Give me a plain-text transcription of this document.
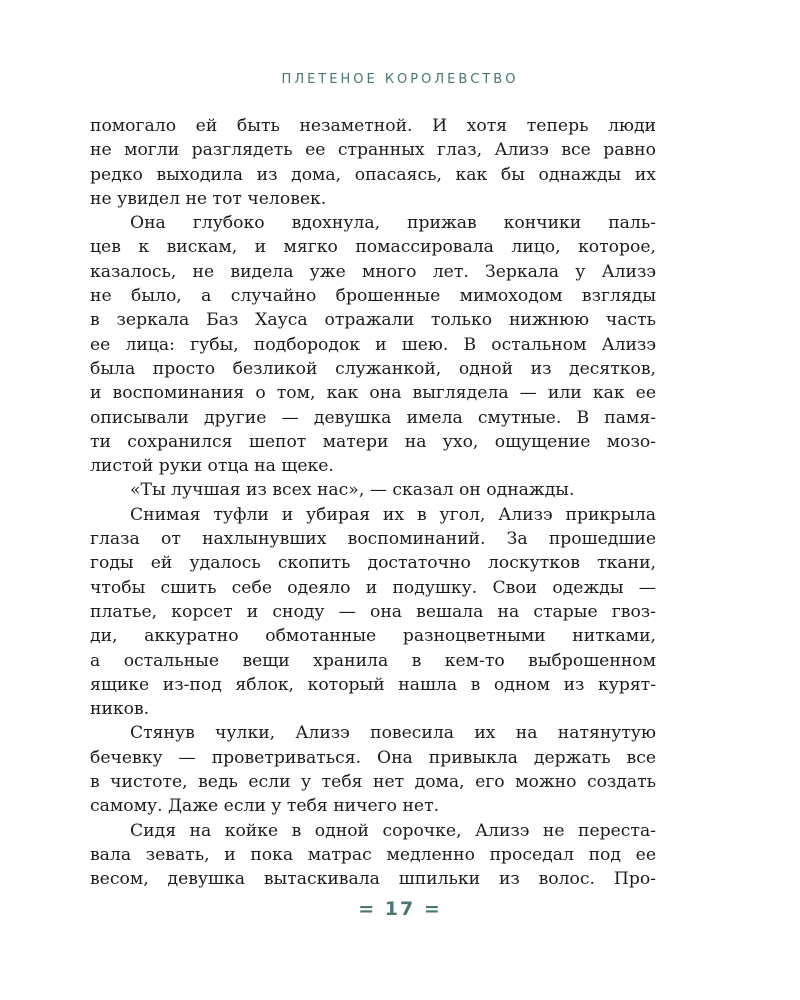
ПЛЕТЕНОЕ КОРОЛЕВСТВО
помогало ей быть незаметной. И хотя теперь люди
не могли разглядеть ее странных глаз, Ализэ все равно
редко выходила из дома, опасаясь, как бы однажды их
не увидел не тот человек.
Она глубоко вдохнула, прижав кончики паль-
цев к вискам, и мягко помассировала лицо, которое,
казалось, не видела уже много лет. Зеркала у Ализэ
не было, а случайно брошенные мимоходом взгляды
в зеркала Баз Хауса отражали только нижнюю часть
ее лица: губы, подбородок и шею. В остальном Ализэ
была просто безликой служанкой, одной из десятков,
и воспоминания о том, как она выглядела — или как ее
описывали другие — девушка имела смутные. В памя-
ти сохранился шепот матери на ухо, ощущение мозо-
листой руки отца на щеке.
«Ты лучшая из всех нас», — сказал он однажды.
Снимая туфли и убирая их в угол, Ализэ прикрыла
глаза от нахлынувших воспоминаний. За прошедшие
годы ей удалось скопить достаточно лоскутков ткани,
чтобы сшить себе одеяло и подушку. Свои одежды —
платье, корсет и сноду — она вешала на старые гвоз-
ди, аккуратно обмотанные разноцветными нитками,
а остальные вещи хранила в кем-то выброшенном
ящике из-под яблок, который нашла в одном из курят-
ников.
Стянув чулки, Ализэ повесила их на натянутую
бечевку — проветриваться. Она привыкла держать все
в чистоте, ведь если у тебя нет дома, его можно создать
самому. Даже если у тебя ничего нет.
Сидя на койке в одной сорочке, Ализэ не переста-
вала зевать, и пока матрас медленно проседал под ее
весом, девушка вытаскивала шпильки из волос. Про-
= 17 =
